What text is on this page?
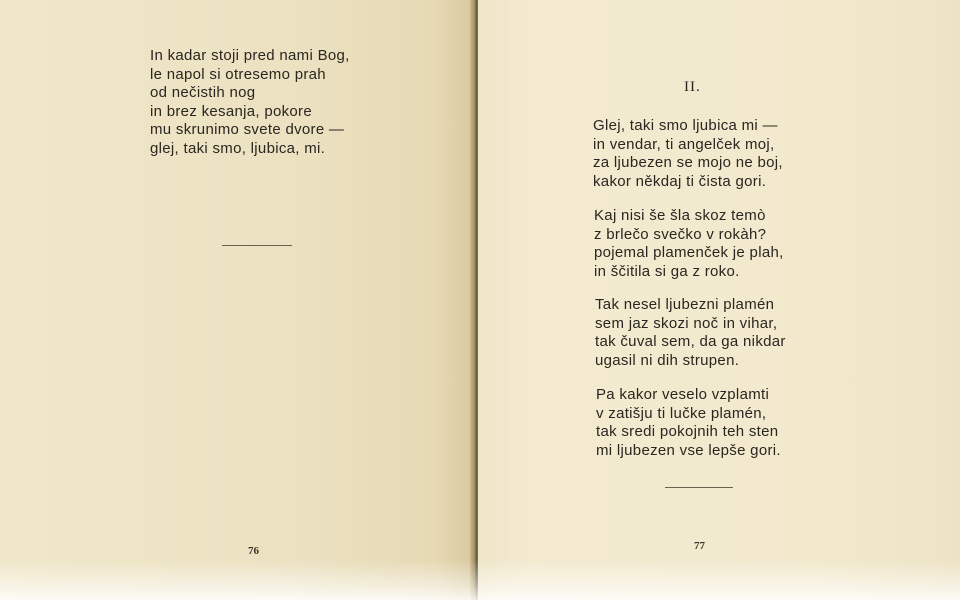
In kadar stoji pred nami Bog,
le napol si otresemo prah
od nečistih nog
in brez kesanja, pokore
mu skrunimo svete dvore —
glej, taki smo, ljubica, mi.
76
II.
Glej, taki smo ljubica mi —
in vendar, ti angelček moj,
za ljubezen se mojo ne boj,
kakor někdaj ti čista gori.
Kaj nisi še šla skoz temò
z brlečo svečko v rokàh?
pojemal plamenček je plah,
in ščitila si ga z roko.
Tak nesel ljubezni plamén
sem jaz skozi noč in vihar,
tak čuval sem, da ga nikdar
ugasil ni dih strupen.
Pa kakor veselo vzplamti
v zatišju ti lučke plamén,
tak sredi pokojnih teh sten
mi ljubezen vse lepše gori.
77
